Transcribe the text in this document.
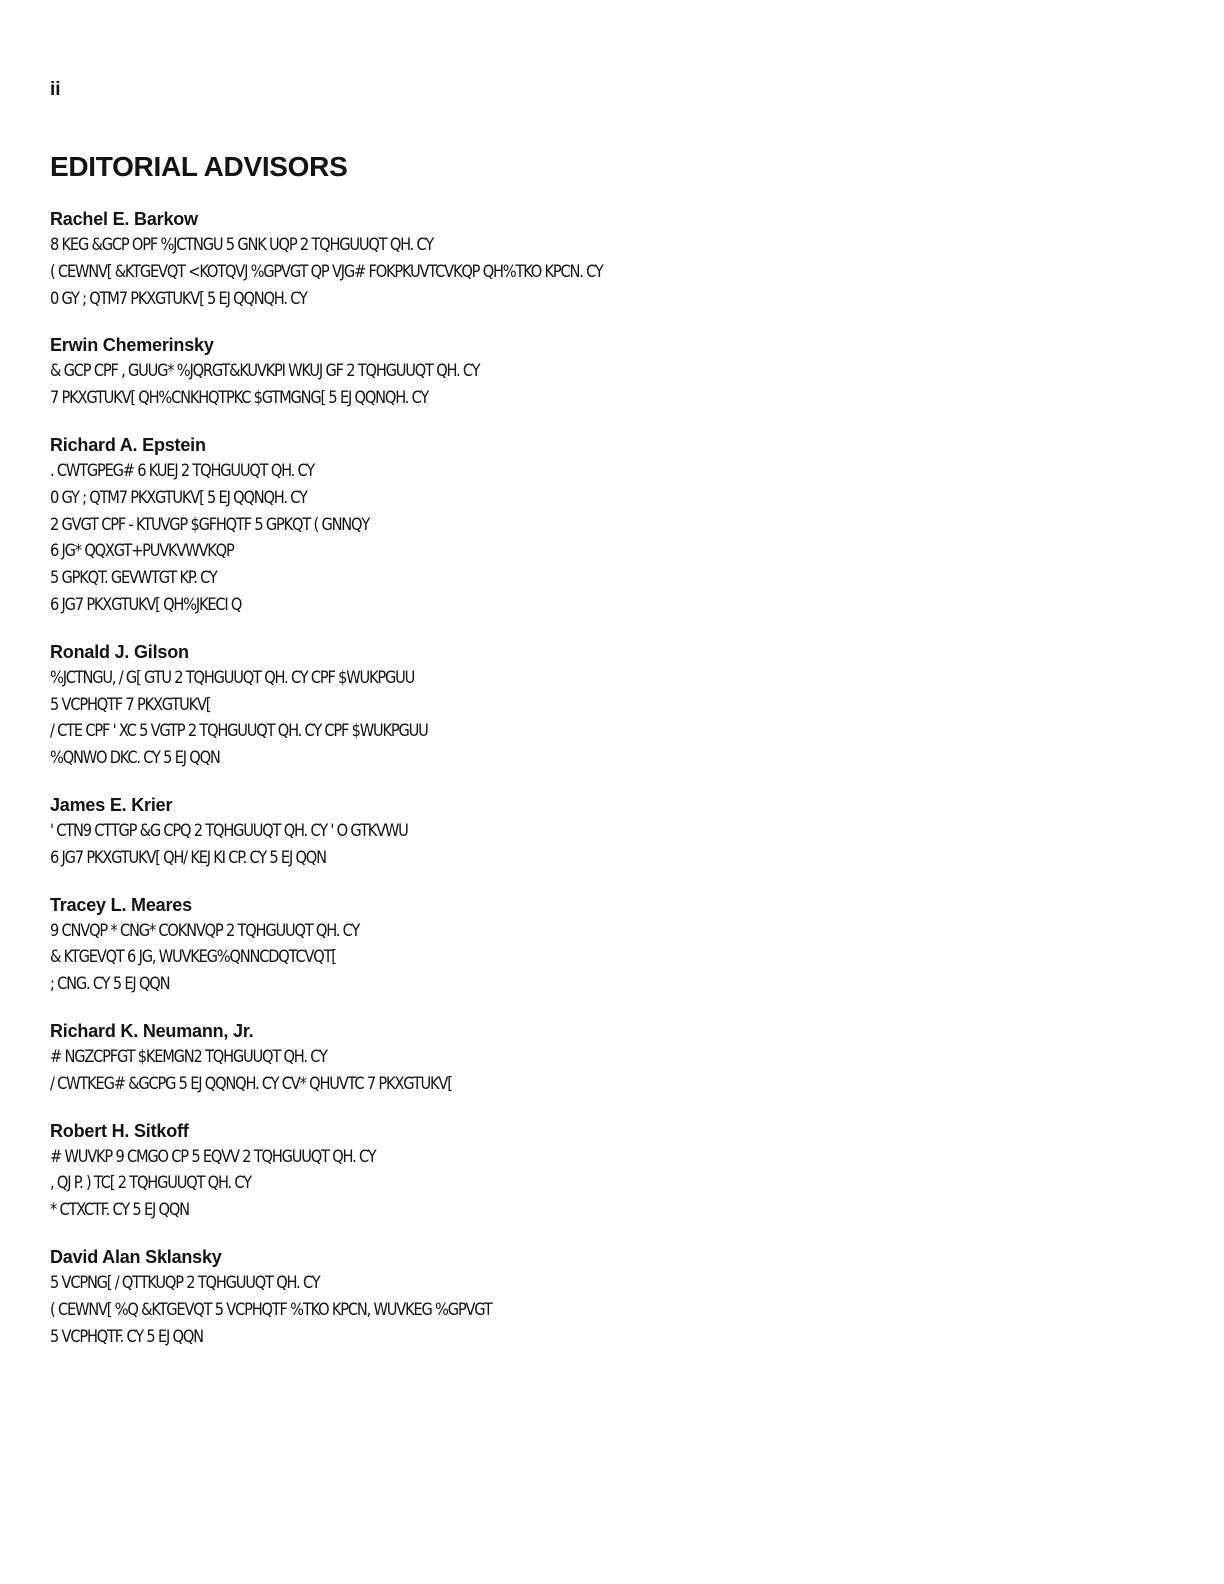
ii

EDITORIAL ADVISORS

Rachel E. Barkow

8 KEG &GCP OPF %JCTNGU 5 GNK UQP 2 TQHGUUQT QH. CY

( CEWNV[ &KTGEVQT <KOTQVJ %GPVGT QP VJG# FOKPKUVTCVKQP QH%TKO KPCN. CY

0 GY ; QTM7 PKXGTUKV[ 5 EJ QQNQH. CY

Erwin Chemerinsky

& GCP CPF , GUUG* %JQRGT&KUVKPI WKUJ GF 2 TQHGUUQT QH. CY

7 PKXGTUKV[ QH%CNKHQTPKC $GTMGNG[ 5 EJ QQNQH. CY

Richard A. Epstein

. CWTGPEG# 6 KUEJ 2 TQHGUUQT QH. CY

0 GY ; QTM7 PKXGTUKV[ 5 EJ QQNQH. CY

2 GVGT CPF - KTUVGP $GFHQTF 5 GPKQT ( GNNQY

6 JG* QQXGT+PUVKVWVKQP

5 GPKQT. GEVWTGT KP. CY

6 JG7 PKXGTUKV[ QH%JKECI Q

Ronald J. Gilson

%JCTNGU, / G[ GTU 2 TQHGUUQT QH. CY CPF $WUKPGUU

5 VCPHQTF 7 PKXGTUKV[

/ CTE CPF ' XC 5 VGTP 2 TQHGUUQT QH. CY CPF $WUKPGUU

%QNWO DKC. CY 5 EJ QQN

James E. Krier

' CTN9 CTTGP &G CPQ 2 TQHGUUQT QH. CY ' O GTKVWU

6 JG7 PKXGTUKV[ QH/ KEJ KI CP. CY 5 EJ QQN

Tracey L. Meares

9 CNVQP * CNG* COKNVQP 2 TQHGUUQT QH. CY

& KTGEVQT 6 JG, WUVKEG%QNNCDQTCVQT[

; CNG. CY 5 EJ QQN

Richard K. Neumann, Jr.

# NGZCPFGT $KEMGN2 TQHGUUQT QH. CY

/ CWTKEG# &GCPG 5 EJ QQNQH. CY CV* QHUVTC 7 PKXGTUKV[

Robert H. Sitkoff

# WUVKP 9 CMGO CP 5 EQVV 2 TQHGUUQT QH. CY

, QJ P. ) TC[ 2 TQHGUUQT QH. CY

* CTXCTF. CY 5 EJ QQN

David Alan Sklansky

5 VCPNG[ / QTTKUQP 2 TQHGUUQT QH. CY

( CEWNV[ %Q &KTGEVQT 5 VCPHQTF %TKO KPCN, WUVKEG %GPVGT

5 VCPHQTF. CY 5 EJ QQN
